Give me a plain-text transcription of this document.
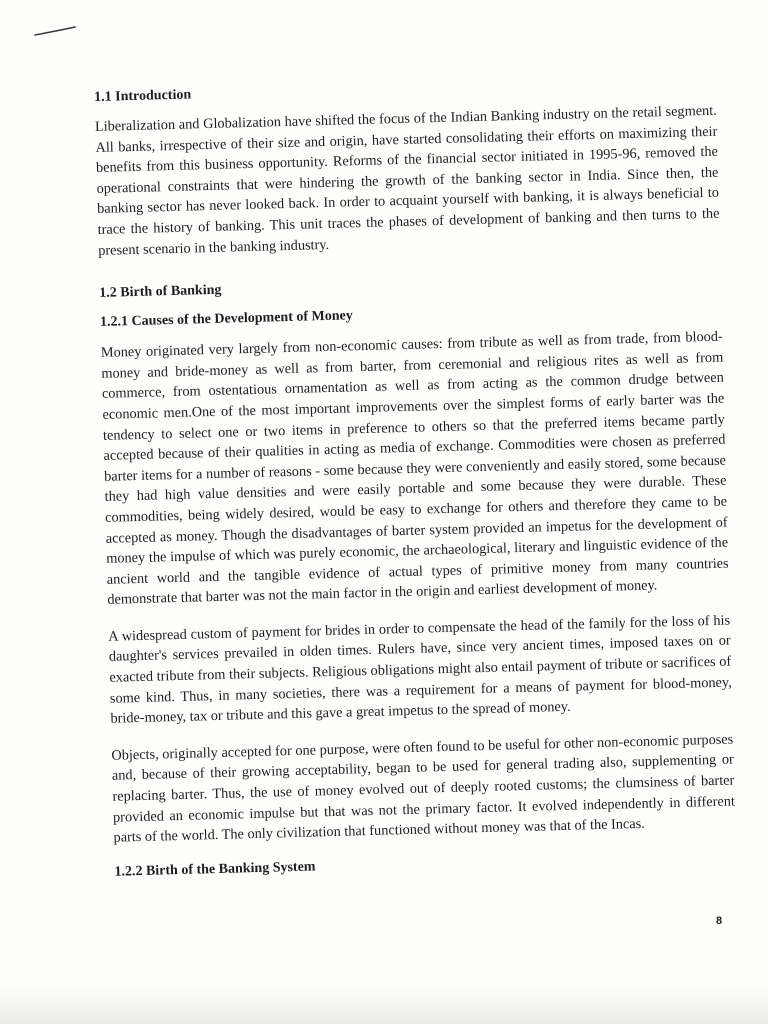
1.1 Introduction

Liberalization and Globalization have shifted the focus of the Indian Banking industry on the retail segment. All banks, irrespective of their size and origin, have started consolidating their efforts on maximizing their benefits from this business opportunity. Reforms of the financial sector initiated in 1995-96, removed the operational constraints that were hindering the growth of the banking sector in India. Since then, the banking sector has never looked back. In order to acquaint yourself with banking, it is always beneficial to trace the history of banking. This unit traces the phases of development of banking and then turns to the present scenario in the banking industry.

1.2 Birth of Banking
1.2.1 Causes of the Development of Money

Money originated very largely from non-economic causes: from tribute as well as from trade, from blood-money and bride-money as well as from barter, from ceremonial and religious rites as well as from commerce, from ostentatious ornamentation as well as from acting as the common drudge between economic men.One of the most important improvements over the simplest forms of early barter was the tendency to select one or two items in preference to others so that the preferred items became partly accepted because of their qualities in acting as media of exchange. Commodities were chosen as preferred barter items for a number of reasons - some because they were conveniently and easily stored, some because they had high value densities and were easily portable and some because they were durable. These commodities, being widely desired, would be easy to exchange for others and therefore they came to be accepted as money. Though the disadvantages of barter system provided an impetus for the development of money the impulse of which was purely economic, the archaeological, literary and linguistic evidence of the ancient world and the tangible evidence of actual types of primitive money from many countries demonstrate that barter was not the main factor in the origin and earliest development of money.

A widespread custom of payment for brides in order to compensate the head of the family for the loss of his daughter's services prevailed in olden times. Rulers have, since very ancient times, imposed taxes on or exacted tribute from their subjects. Religious obligations might also entail payment of tribute or sacrifices of some kind. Thus, in many societies, there was a requirement for a means of payment for blood-money, bride-money, tax or tribute and this gave a great impetus to the spread of money.

Objects, originally accepted for one purpose, were often found to be useful for other non-economic purposes and, because of their growing acceptability, began to be used for general trading also, supplementing or replacing barter. Thus, the use of money evolved out of deeply rooted customs; the clumsiness of barter provided an economic impulse but that was not the primary factor. It evolved independently in different parts of the world. The only civilization that functioned without money was that of the Incas.

1.2.2 Birth of the Banking System
8
